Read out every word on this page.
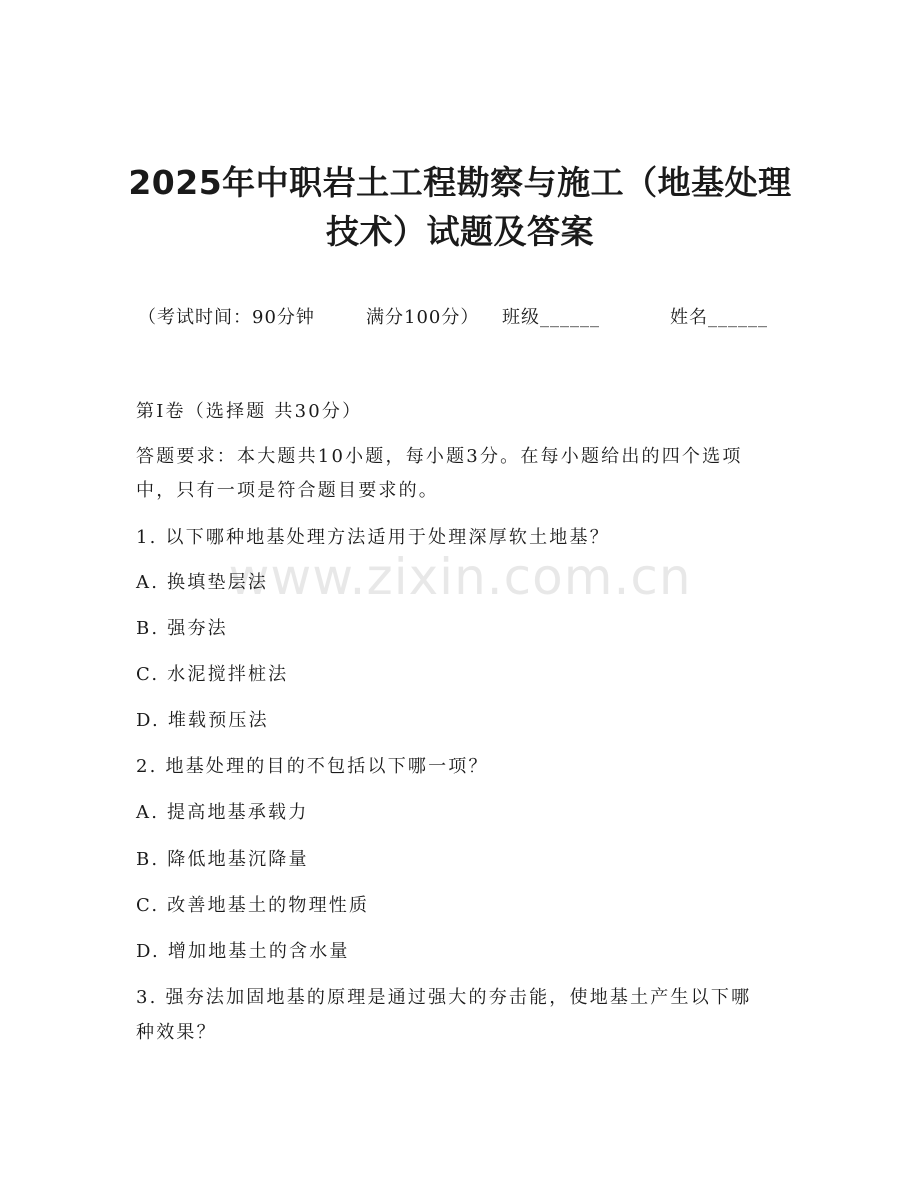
2025年中职岩土工程勘察与施工（地基处理
技术）试题及答案
（考试时间：90分钟	满分100分） 班级______	姓名______
第I卷（选择题 共30分）
答题要求：本大题共10小题，每小题3分。在每小题给出的四个选项
中，只有一项是符合题目要求的。
1. 以下哪种地基处理方法适用于处理深厚软土地基？
A. 换填垫层法
B. 强夯法
C. 水泥搅拌桩法
D. 堆载预压法
2. 地基处理的目的不包括以下哪一项？
A. 提高地基承载力
B. 降低地基沉降量
C. 改善地基土的物理性质
D. 增加地基土的含水量
3. 强夯法加固地基的原理是通过强大的夯击能，使地基土产生以下哪
种效果？
www.zixin.com.cn
